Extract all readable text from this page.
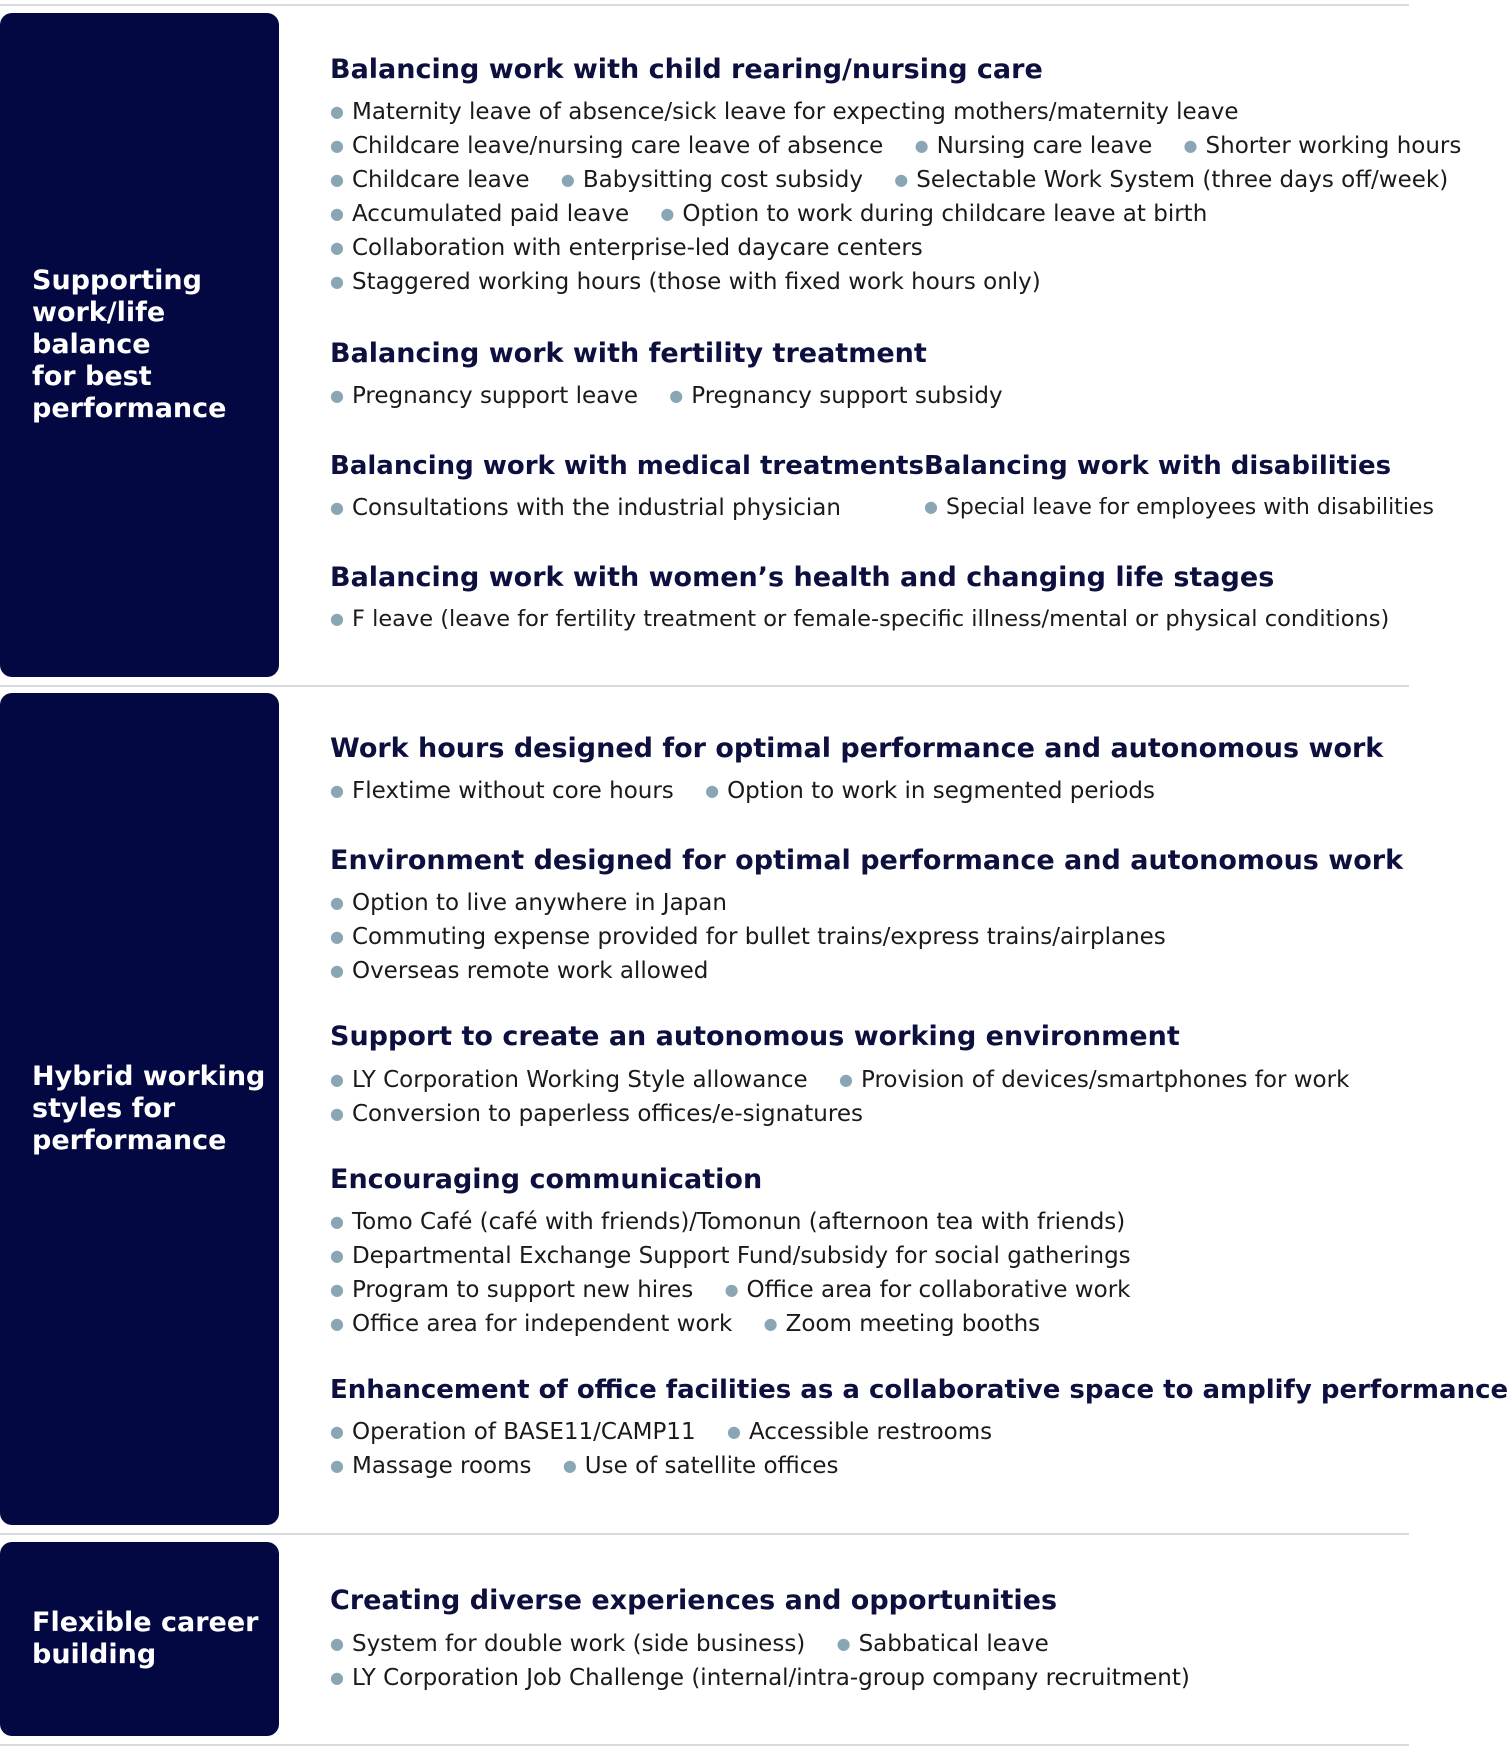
Supporting
work/life
balance
for best
performance
Balancing work with child rearing/nursing care
● Maternity leave of absence/sick leave for expecting mothers/maternity leave
● Childcare leave/nursing care leave of absence ● Nursing care leave ● Shorter working hours
● Childcare leave ● Babysitting cost subsidy ● Selectable Work System (three days off/week)
● Accumulated paid leave ● Option to work during childcare leave at birth
● Collaboration with enterprise-led daycare centers
● Staggered working hours (those with fixed work hours only)
Balancing work with fertility treatment
● Pregnancy support leave ● Pregnancy support subsidy
Balancing work with medical treatments
● Consultations with the industrial physician
Balancing work with disabilities
● Special leave for employees with disabilities
Balancing work with women’s health and changing life stages
● F leave (leave for fertility treatment or female-specific illness/mental or physical conditions)
Hybrid working
styles for
performance
Work hours designed for optimal performance and autonomous work
● Flextime without core hours ● Option to work in segmented periods
Environment designed for optimal performance and autonomous work
● Option to live anywhere in Japan
● Commuting expense provided for bullet trains/express trains/airplanes
● Overseas remote work allowed
Support to create an autonomous working environment
● LY Corporation Working Style allowance ● Provision of devices/smartphones for work
● Conversion to paperless offices/e-signatures
Encouraging communication
● Tomo Café (café with friends)/Tomonun (afternoon tea with friends)
● Departmental Exchange Support Fund/subsidy for social gatherings
● Program to support new hires ● Office area for collaborative work
● Office area for independent work ● Zoom meeting booths
Enhancement of office facilities as a collaborative space to amplify performance
● Operation of BASE11/CAMP11 ● Accessible restrooms
● Massage rooms ● Use of satellite offices
Flexible career
building
Creating diverse experiences and opportunities
● System for double work (side business) ● Sabbatical leave
● LY Corporation Job Challenge (internal/intra-group company recruitment)
